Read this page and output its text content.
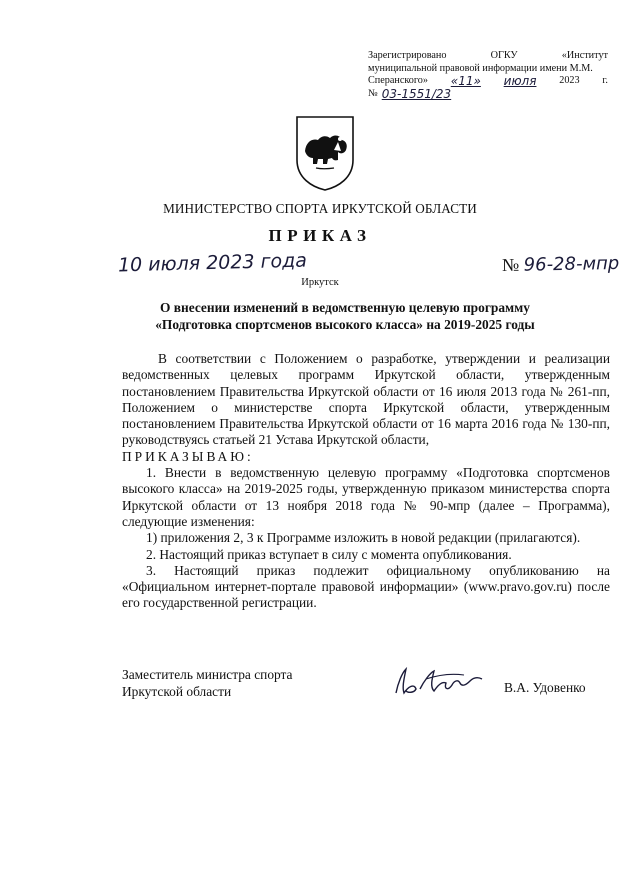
Зарегистрировано	ОГКУ	«Институт
муниципальной правовой информации имени М.М.
Сперанского» «11» июля 2023 г.
№ 03-1551/23
МИНИСТЕРСТВО СПОРТА ИРКУТСКОЙ ОБЛАСТИ
ПРИКАЗ
10 июля 2023 года	№ 96-28-мпр
Иркутск
О внесении изменений в ведомственную целевую программу
«Подготовка спортсменов высокого класса» на 2019-2025 годы

В соответствии с Положением о разработке, утверждении и реализации ведомственных целевых программ Иркутской области, утвержденным постановлением Правительства Иркутской области от 16 июля 2013 года № 261-пп, Положением о министерстве спорта Иркутской области, утвержденным постановлением Правительства Иркутской области от 16 марта 2016 года № 130-пп, руководствуясь статьей 21 Устава Иркутской области,

ПРИКАЗЫВАЮ:

1. Внести в ведомственную целевую программу «Подготовка спортсменов высокого класса» на 2019-2025 годы, утвержденную приказом министерства спорта Иркутской области от 13 ноября 2018 года № 90-мпр (далее – Программа), следующие изменения:

1) приложения 2, 3 к Программе изложить в новой редакции (прилагаются).

2. Настоящий приказ вступает в силу с момента опубликования.

3. Настоящий приказ подлежит официальному опубликованию на «Официальном интернет-портале правовой информации» (www.pravo.gov.ru) после его государственной регистрации.

Заместитель министра спорта
Иркутской области	В.А. Удовенко
